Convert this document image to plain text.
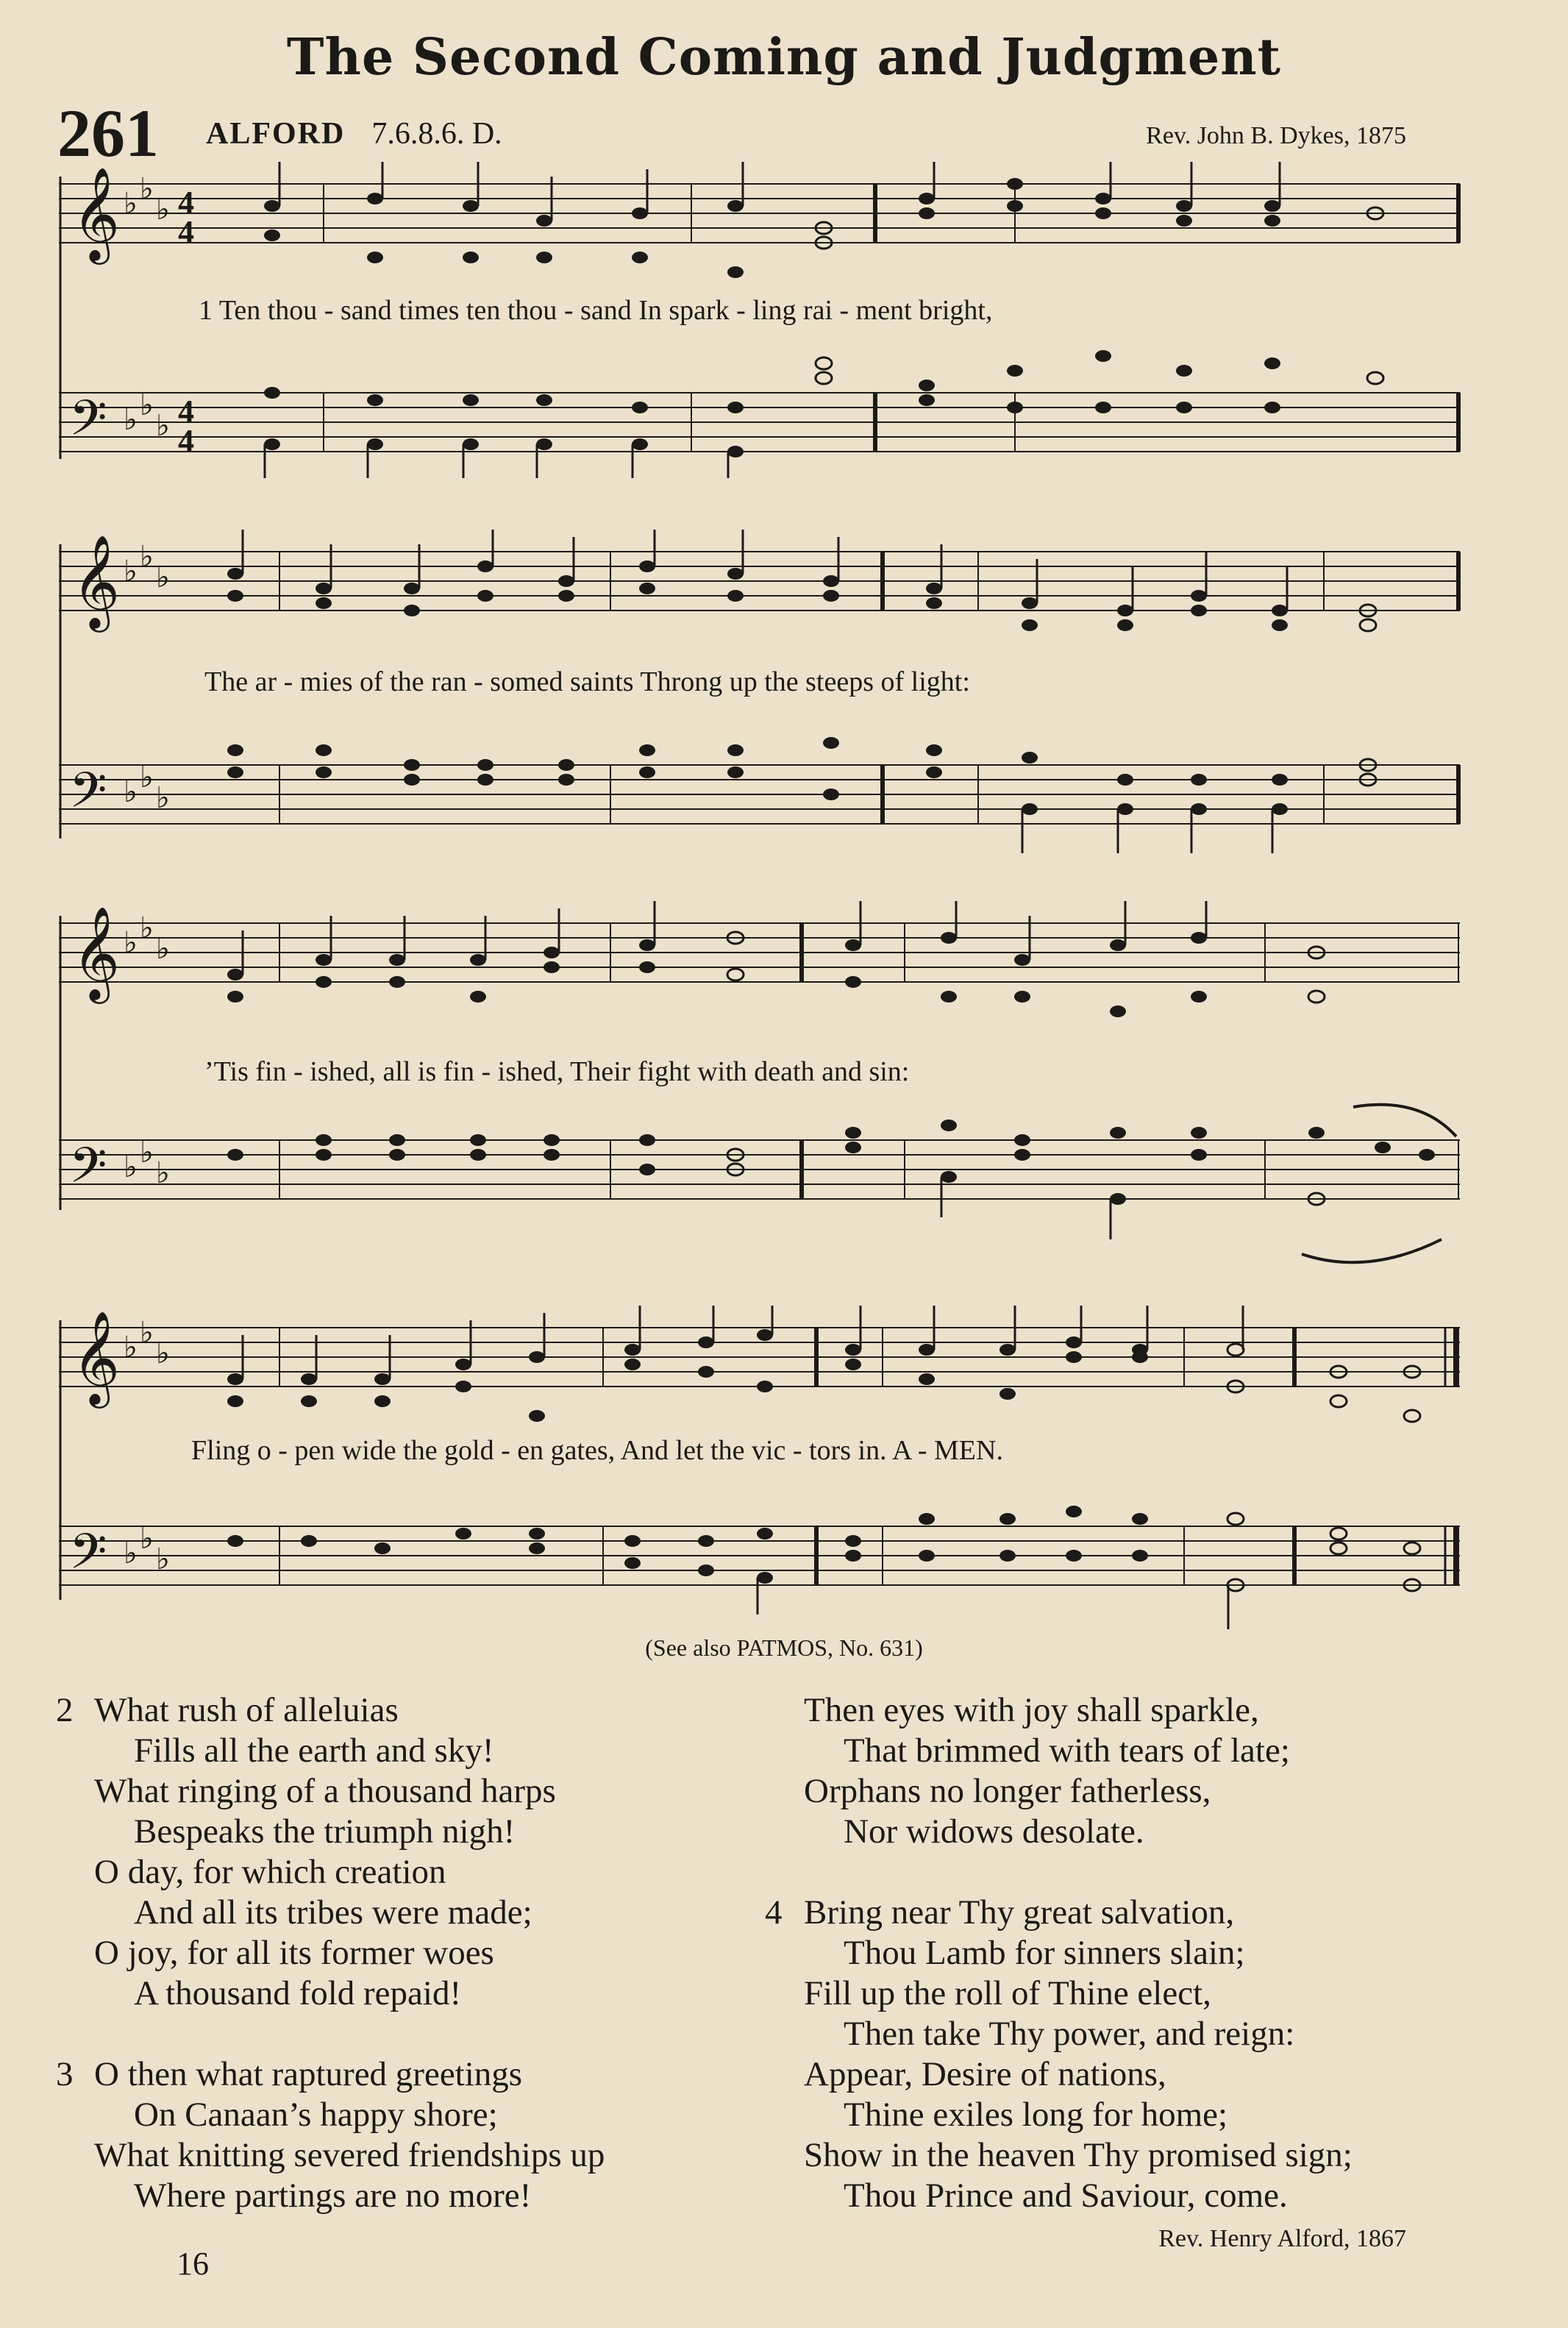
The Second Coming and Judgment
261 ALFORD 7.6.8.6. D.	Rev. John B. Dykes, 1875
𝄞
𝄢
♭ ♭
♭
♭ ♭
♭
4
4
4
4
1 Ten thou - sand times ten thou - sand In spark - ling rai - ment bright,
𝄞
𝄢
♭ ♭
♭
♭ ♭
♭
The ar - mies of the ran - somed saints Throng up the steeps of light:
𝄞
𝄢
♭ ♭
♭
♭ ♭
♭
’Tis fin - ished, all is fin - ished, Their fight with death and sin:
𝄞
𝄢
♭ ♭
♭
♭ ♭
♭
Fling o - pen wide the gold - en gates, And let the vic - tors in. A - MEN.
(See also PATMOS, No. 631)
2 What rush of alleluias
Fills all the earth and sky!
What ringing of a thousand harps
Bespeaks the triumph nigh!
O day, for which creation
And all its tribes were made;
O joy, for all its former woes
A thousand fold repaid!
3 O then what raptured greetings
On Canaan’s happy shore;
What knitting severed friendships up
Where partings are no more!
Then eyes with joy shall sparkle,
That brimmed with tears of late;
Orphans no longer fatherless,
Nor widows desolate.
4 Bring near Thy great salvation,
Thou Lamb for sinners slain;
Fill up the roll of Thine elect,
Then take Thy power, and reign:
Appear, Desire of nations,
Thine exiles long for home;
Show in the heaven Thy promised sign;
Thou Prince and Saviour, come.
Rev. Henry Alford, 1867
16
